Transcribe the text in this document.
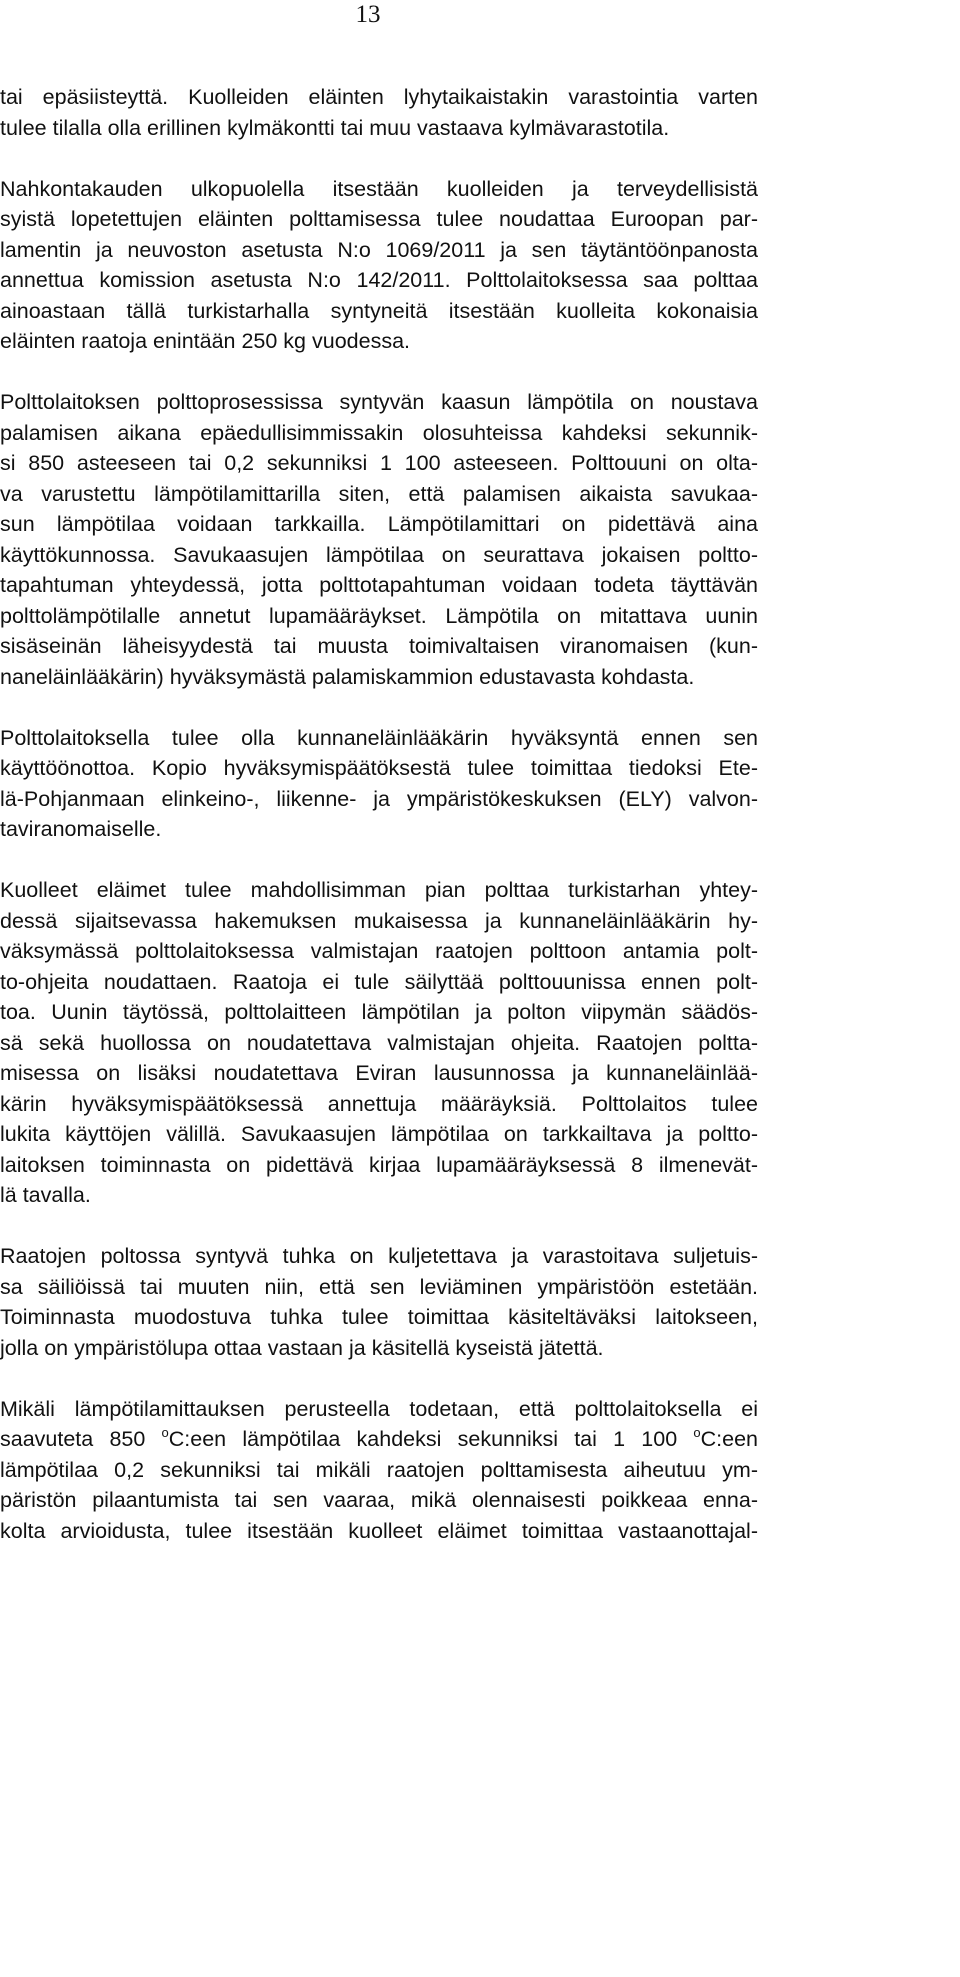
13
tai epäsiisteyttä. Kuolleiden eläinten lyhytaikaistakin varastointia varten
tulee tilalla olla erillinen kylmäkontti tai muu vastaava kylmävarastotila.
Nahkontakauden ulkopuolella itsestään kuolleiden ja terveydellisistä
syistä lopetettujen eläinten polttamisessa tulee noudattaa Euroopan par-
lamentin ja neuvoston asetusta N:o 1069/2011 ja sen täytäntöönpanosta
annettua komission asetusta N:o 142/2011. Polttolaitoksessa saa polttaa
ainoastaan tällä turkistarhalla syntyneitä itsestään kuolleita kokonaisia
eläinten raatoja enintään 250 kg vuodessa.
Polttolaitoksen polttoprosessissa syntyvän kaasun lämpötila on noustava
palamisen aikana epäedullisimmissakin olosuhteissa kahdeksi sekunnik-
si 850 asteeseen tai 0,2 sekunniksi 1 100 asteeseen. Polttouuni on olta-
va varustettu lämpötilamittarilla siten, että palamisen aikaista savukaa-
sun lämpötilaa voidaan tarkkailla. Lämpötilamittari on pidettävä aina
käyttökunnossa. Savukaasujen lämpötilaa on seurattava jokaisen poltto-
tapahtuman yhteydessä, jotta polttotapahtuman voidaan todeta täyttävän
polttolämpötilalle annetut lupamääräykset. Lämpötila on mitattava uunin
sisäseinän läheisyydestä tai muusta toimivaltaisen viranomaisen (kun-
naneläinlääkärin) hyväksymästä palamiskammion edustavasta kohdasta.
Polttolaitoksella tulee olla kunnaneläinlääkärin hyväksyntä ennen sen
käyttöönottoa. Kopio hyväksymispäätöksestä tulee toimittaa tiedoksi Ete-
lä-Pohjanmaan elinkeino-, liikenne- ja ympäristökeskuksen (ELY) valvon-
taviranomaiselle.
Kuolleet eläimet tulee mahdollisimman pian polttaa turkistarhan yhtey-
dessä sijaitsevassa hakemuksen mukaisessa ja kunnaneläinlääkärin hy-
väksymässä polttolaitoksessa valmistajan raatojen polttoon antamia polt-
to-ohjeita noudattaen. Raatoja ei tule säilyttää polttouunissa ennen polt-
toa. Uunin täytössä, polttolaitteen lämpötilan ja polton viipymän säädös-
sä sekä huollossa on noudatettava valmistajan ohjeita. Raatojen poltta-
misessa on lisäksi noudatettava Eviran lausunnossa ja kunnaneläinlää-
kärin hyväksymispäätöksessä annettuja määräyksiä. Polttolaitos tulee
lukita käyttöjen välillä. Savukaasujen lämpötilaa on tarkkailtava ja poltto-
laitoksen toiminnasta on pidettävä kirjaa lupamääräyksessä 8 ilmenevät-
lä tavalla.
Raatojen poltossa syntyvä tuhka on kuljetettava ja varastoitava suljetuis-
sa säiliöissä tai muuten niin, että sen leviäminen ympäristöön estetään.
Toiminnasta muodostuva tuhka tulee toimittaa käsiteltäväksi laitokseen,
jolla on ympäristölupa ottaa vastaan ja käsitellä kyseistä jätettä.
Mikäli lämpötilamittauksen perusteella todetaan, että polttolaitoksella ei
saavuteta 850 $^o$C:een lämpötilaa kahdeksi sekunniksi tai 1 100 $^o$C:een
lämpötilaa 0,2 sekunniksi tai mikäli raatojen polttamisesta aiheutuu ym-
päristön pilaantumista tai sen vaaraa, mikä olennaisesti poikkeaa enna-
kolta arvioidusta, tulee itsestään kuolleet eläimet toimittaa vastaanottajal-
